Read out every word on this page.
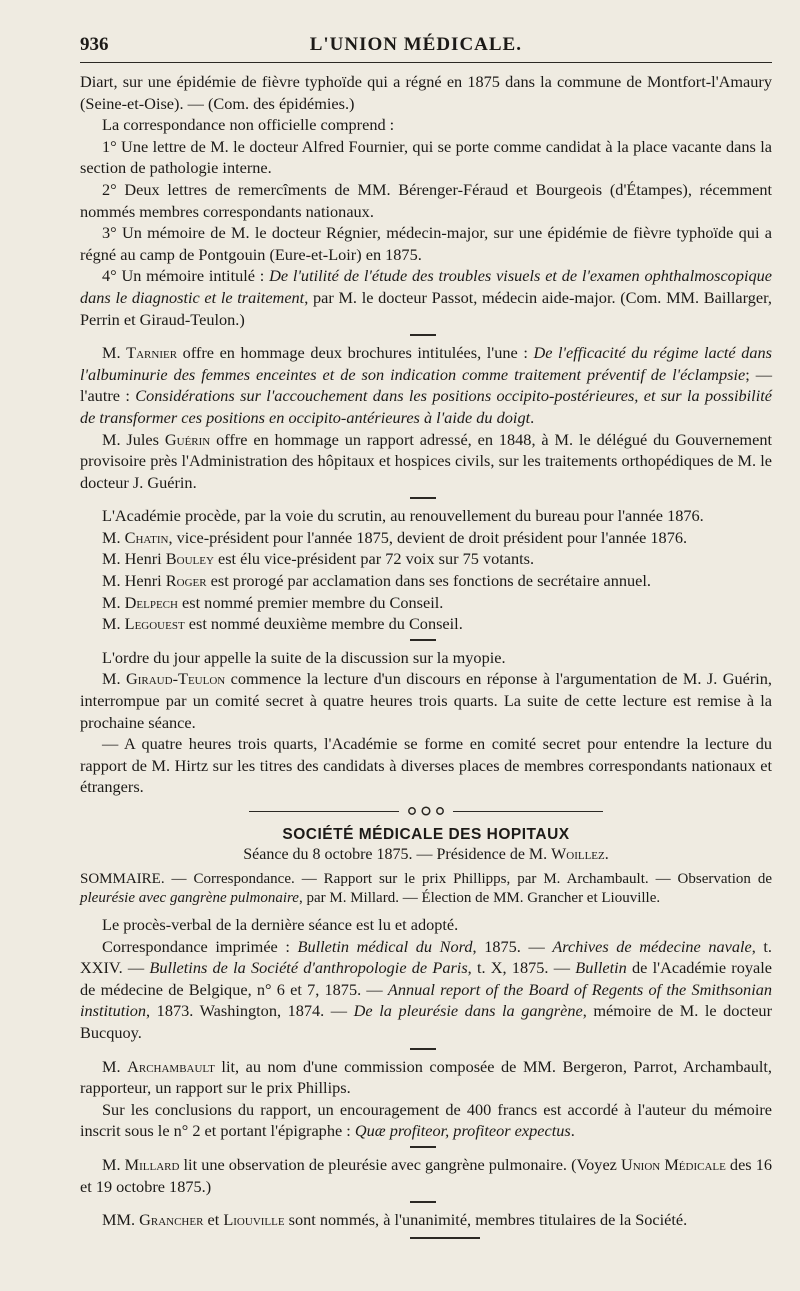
936	L'UNION MÉDICALE.

Diart, sur une épidémie de fièvre typhoïde qui a régné en 1875 dans la commune de Montfort-l'Amaury (Seine-et-Oise). — (Com. des épidémies.)

La correspondance non officielle comprend :

1° Une lettre de M. le docteur Alfred Fournier, qui se porte comme candidat à la place vacante dans la section de pathologie interne.

2° Deux lettres de remercîments de MM. Bérenger-Féraud et Bourgeois (d'Étampes), récemment nommés membres correspondants nationaux.

3° Un mémoire de M. le docteur Régnier, médecin-major, sur une épidémie de fièvre typhoïde qui a régné au camp de Pontgouin (Eure-et-Loir) en 1875.

4° Un mémoire intitulé : De l'utilité de l'étude des troubles visuels et de l'examen ophthalmoscopique dans le diagnostic et le traitement, par M. le docteur Passot, médecin aide-major. (Com. MM. Baillarger, Perrin et Giraud-Teulon.)

M. Tarnier offre en hommage deux brochures intitulées, l'une : De l'efficacité du régime lacté dans l'albuminurie des femmes enceintes et de son indication comme traitement préventif de l'éclampsie; — l'autre : Considérations sur l'accouchement dans les positions occipito-postérieures, et sur la possibilité de transformer ces positions en occipito-antérieures à l'aide du doigt.

M. Jules Guérin offre en hommage un rapport adressé, en 1848, à M. le délégué du Gouvernement provisoire près l'Administration des hôpitaux et hospices civils, sur les traitements orthopédiques de M. le docteur J. Guérin.

L'Académie procède, par la voie du scrutin, au renouvellement du bureau pour l'année 1876.

M. Chatin, vice-président pour l'année 1875, devient de droit président pour l'année 1876.

M. Henri Bouley est élu vice-président par 72 voix sur 75 votants.

M. Henri Roger est prorogé par acclamation dans ses fonctions de secrétaire annuel.

M. Delpech est nommé premier membre du Conseil.

M. Legouest est nommé deuxième membre du Conseil.

L'ordre du jour appelle la suite de la discussion sur la myopie.

M. Giraud-Teulon commence la lecture d'un discours en réponse à l'argumentation de M. J. Guérin, interrompue par un comité secret à quatre heures trois quarts. La suite de cette lecture est remise à la prochaine séance.

— A quatre heures trois quarts, l'Académie se forme en comité secret pour entendre la lecture du rapport de M. Hirtz sur les titres des candidats à diverses places de membres correspondants nationaux et étrangers.

SOCIÉTÉ MÉDICALE DES HOPITAUX
Séance du 8 octobre 1875. — Présidence de M. Woillez.

SOMMAIRE. — Correspondance. — Rapport sur le prix Phillipps, par M. Archambault. — Observation de pleurésie avec gangrène pulmonaire, par M. Millard. — Élection de MM. Grancher et Liouville.

Le procès-verbal de la dernière séance est lu et adopté.

Correspondance imprimée : Bulletin médical du Nord, 1875. — Archives de médecine navale, t. XXIV. — Bulletins de la Société d'anthropologie de Paris, t. X, 1875. — Bulletin de l'Académie royale de médecine de Belgique, n° 6 et 7, 1875. — Annual report of the Board of Regents of the Smithsonian institution, 1873. Washington, 1874. — De la pleurésie dans la gangrène, mémoire de M. le docteur Bucquoy.

M. Archambault lit, au nom d'une commission composée de MM. Bergeron, Parrot, Archambault, rapporteur, un rapport sur le prix Phillips.

Sur les conclusions du rapport, un encouragement de 400 francs est accordé à l'auteur du mémoire inscrit sous le n° 2 et portant l'épigraphe : Quæ profiteor, profiteor expectus.

M. Millard lit une observation de pleurésie avec gangrène pulmonaire. (Voyez Union Médicale des 16 et 19 octobre 1875.)

MM. Grancher et Liouville sont nommés, à l'unanimité, membres titulaires de la Société.
